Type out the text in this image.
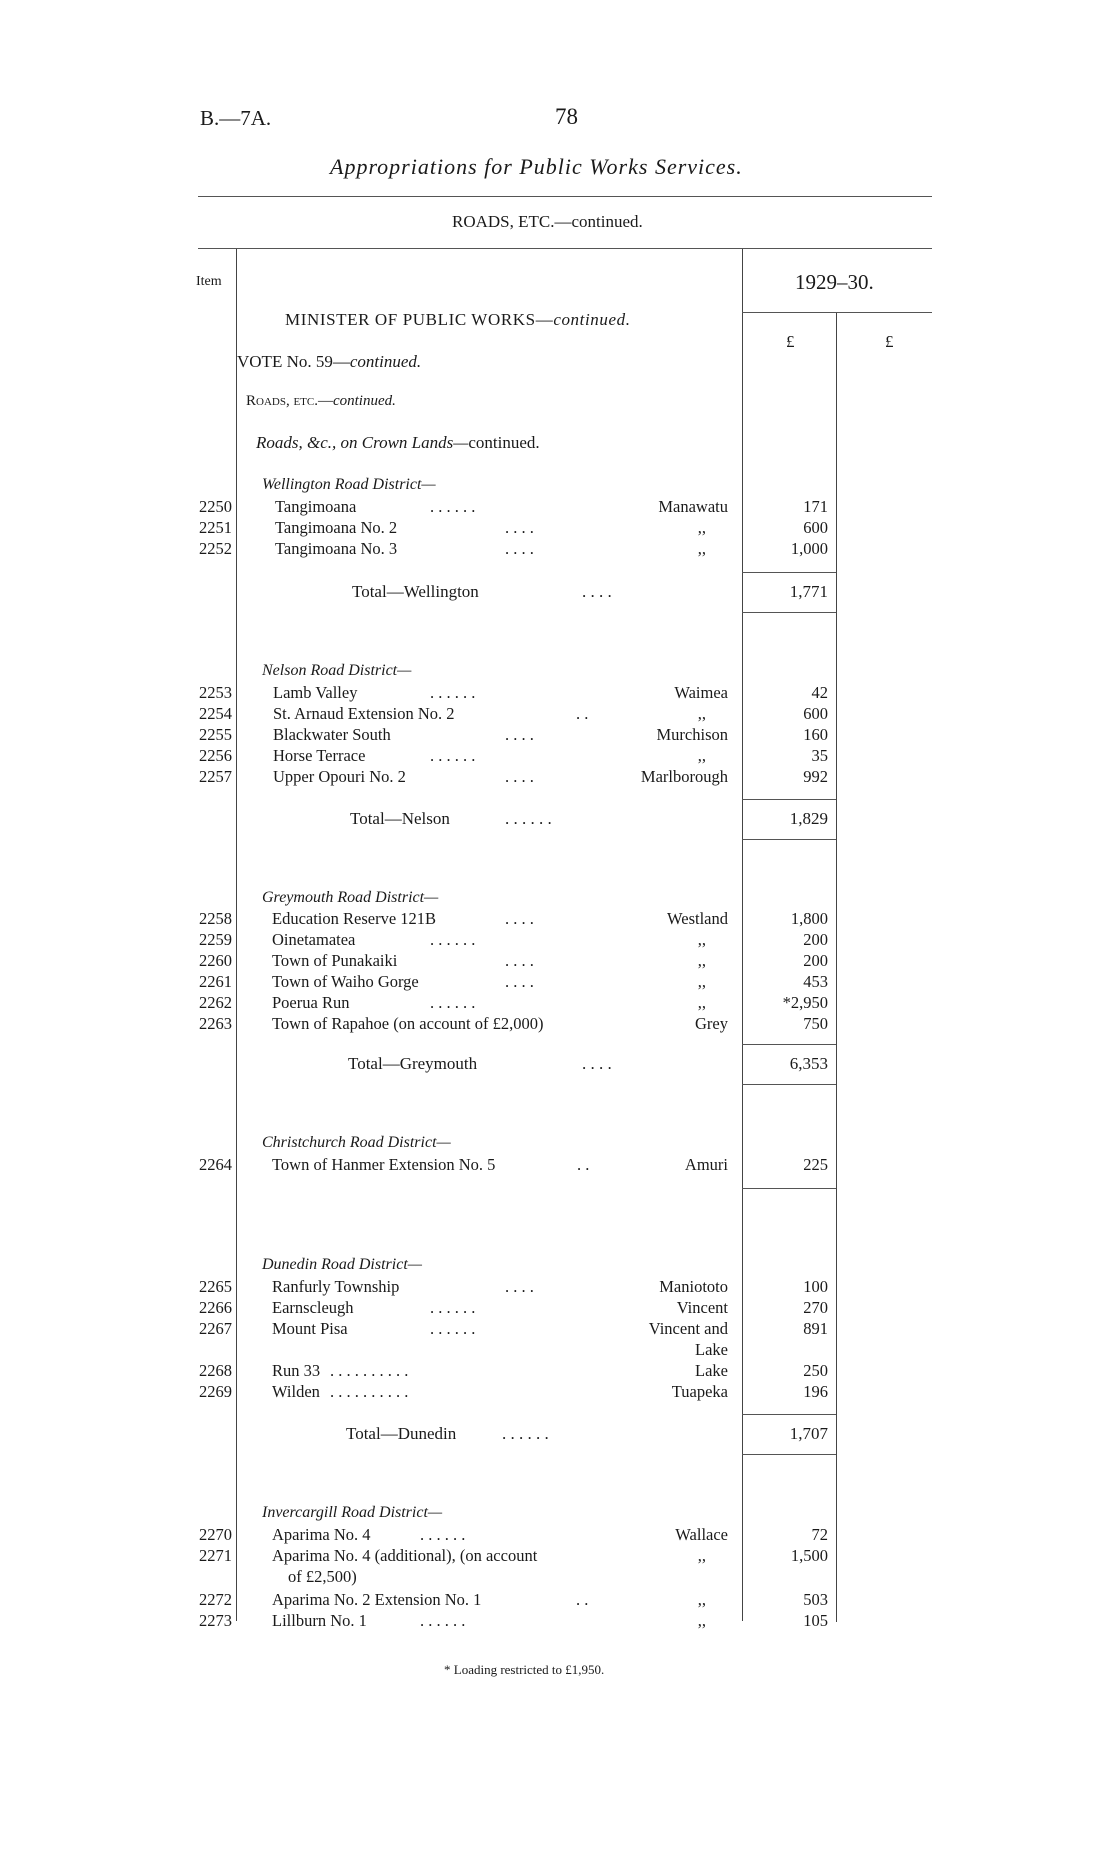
B.—7A.	78
Appropriations for Public Works Services.
ROADS, ETC.—continued.
Item	1929–30.
£	£
MINISTER OF PUBLIC WORKS—continued.
VOTE No. 59—continued.
Roads, etc.—continued.
Roads, &c., on Crown Lands—continued.
Wellington Road District—
2250	Tangimoana	. . . . . .	Manawatu	171
2251	Tangimoana No. 2	. . . .	,,	600
2252	Tangimoana No. 3	. . . .	,,	1,000
Total—Wellington	. . . .	1,771
Nelson Road District—
2253 Lamb Valley	. . . . . .	Waimea	42
2254 St. Arnaud Extension No. 2	. .	,,	600
2255 Blackwater South	. . . .	Murchison	160
2256 Horse Terrace	. . . . . .	,,	35
2257 Upper Opouri No. 2	. . . .	Marlborough	992
Total—Nelson	. . . . . .	1,829
Greymouth Road District—
2258 Education Reserve 121B	. . . .	Westland	1,800
2259 Oinetamatea	. . . . . .	,,	200
2260 Town of Punakaiki	. . . .	,,	200
2261 Town of Waiho Gorge	. . . .	,,	453
2262 Poerua Run	. . . . . .	,,	*2,950
2263 Town of Rapahoe (on account of £2,000)	Grey	750
Total—Greymouth	. . . .	6,353
Christchurch Road District—
2264 Town of Hanmer Extension No. 5	. .	Amuri	225
Dunedin Road District—
2265 Ranfurly Township	. . . .	Maniototo	100
2266 Earnscleugh	. . . . . .	Vincent	270
2267 Mount Pisa	. . . . . .	Vincent and	891
Lake
2268 Run 33 . . . . . . . . . .	Lake	250
2269 Wilden . . . . . . . . . .	Tuapeka	196
Total—Dunedin	. . . . . .	1,707
Invercargill Road District—
2270 Aparima No. 4	. . . . . .	Wallace	72
2271 Aparima No. 4 (additional), (on account	,,	1,500
of £2,500)
2272 Aparima No. 2 Extension No. 1	. .	,,	503
2273 Lillburn No. 1	. . . . . .	,,	105
* Loading restricted to £1,950.
